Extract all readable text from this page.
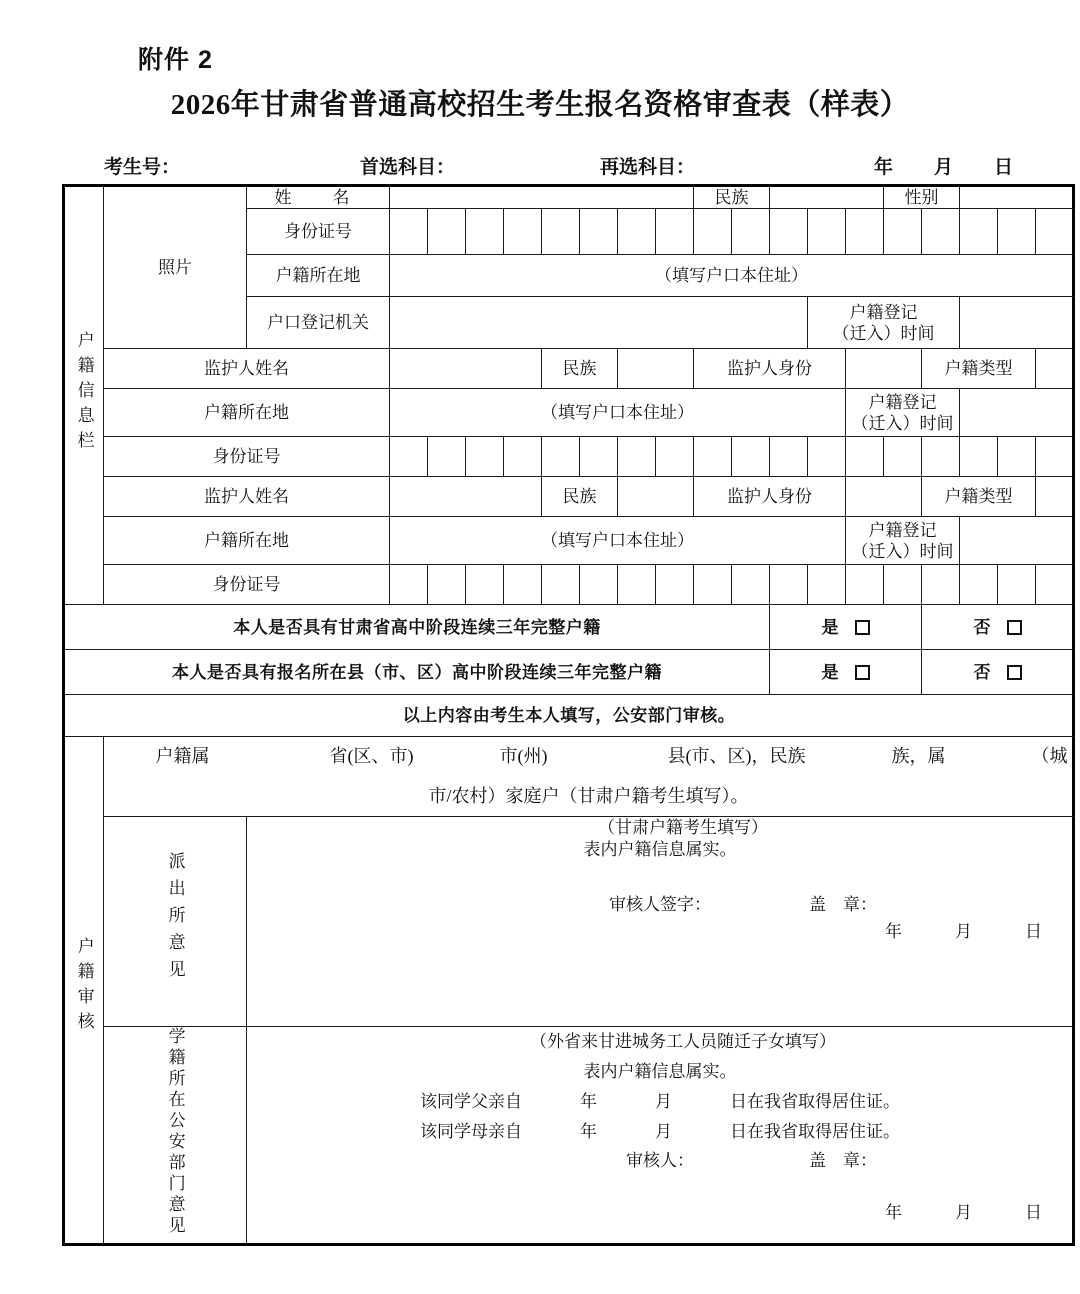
附件 2
2026年甘肃省普通高校招生考生报名资格审查表（样表）
考生号：	首选科目：	再选科目：	年 月 日
户籍信息栏	照片	姓　名									民族					性别				
		身份证号																		
		户籍所在地	（填写户口本住址）																	
		户口登记机关												户籍登记
（迁入）时间						
	监护人姓名						民族				监护人身份						户籍类型			
	户籍所在地		（填写户口本住址）												户籍登记
（迁入）时间					
	身份证号																			
	监护人姓名						民族				监护人身份						户籍类型			
	户籍所在地		（填写户口本住址）												户籍登记
（迁入）时间					
	身份证号																			
本人是否具有甘肃省高中阶段连续三年完整户籍													是				否			
本人是否具有报名所在县（市、区）高中阶段连续三年完整户籍													是				否			
以上内容由考生本人填写，公安部门审核。																				
户籍审核	户籍属 省(区、市) 市(州) 县(市、区)，民族 族，属 （城市/农村）家庭户（甘肃户籍考生填写）。																			
派出所意见	
（甘肃户籍考生填写）
表内户籍信息属实。
审核人签字：	盖　章：
年	月	日

学籍所在公安部门意见	（外省来甘进城务工人员随迁子女填写）
表内户籍信息属实。
该同学父亲自	年	月	日在我省取得居住证。
该同学母亲自	年	月	日在我省取得居住证。
审核人：	盖　章：
年	月	日
